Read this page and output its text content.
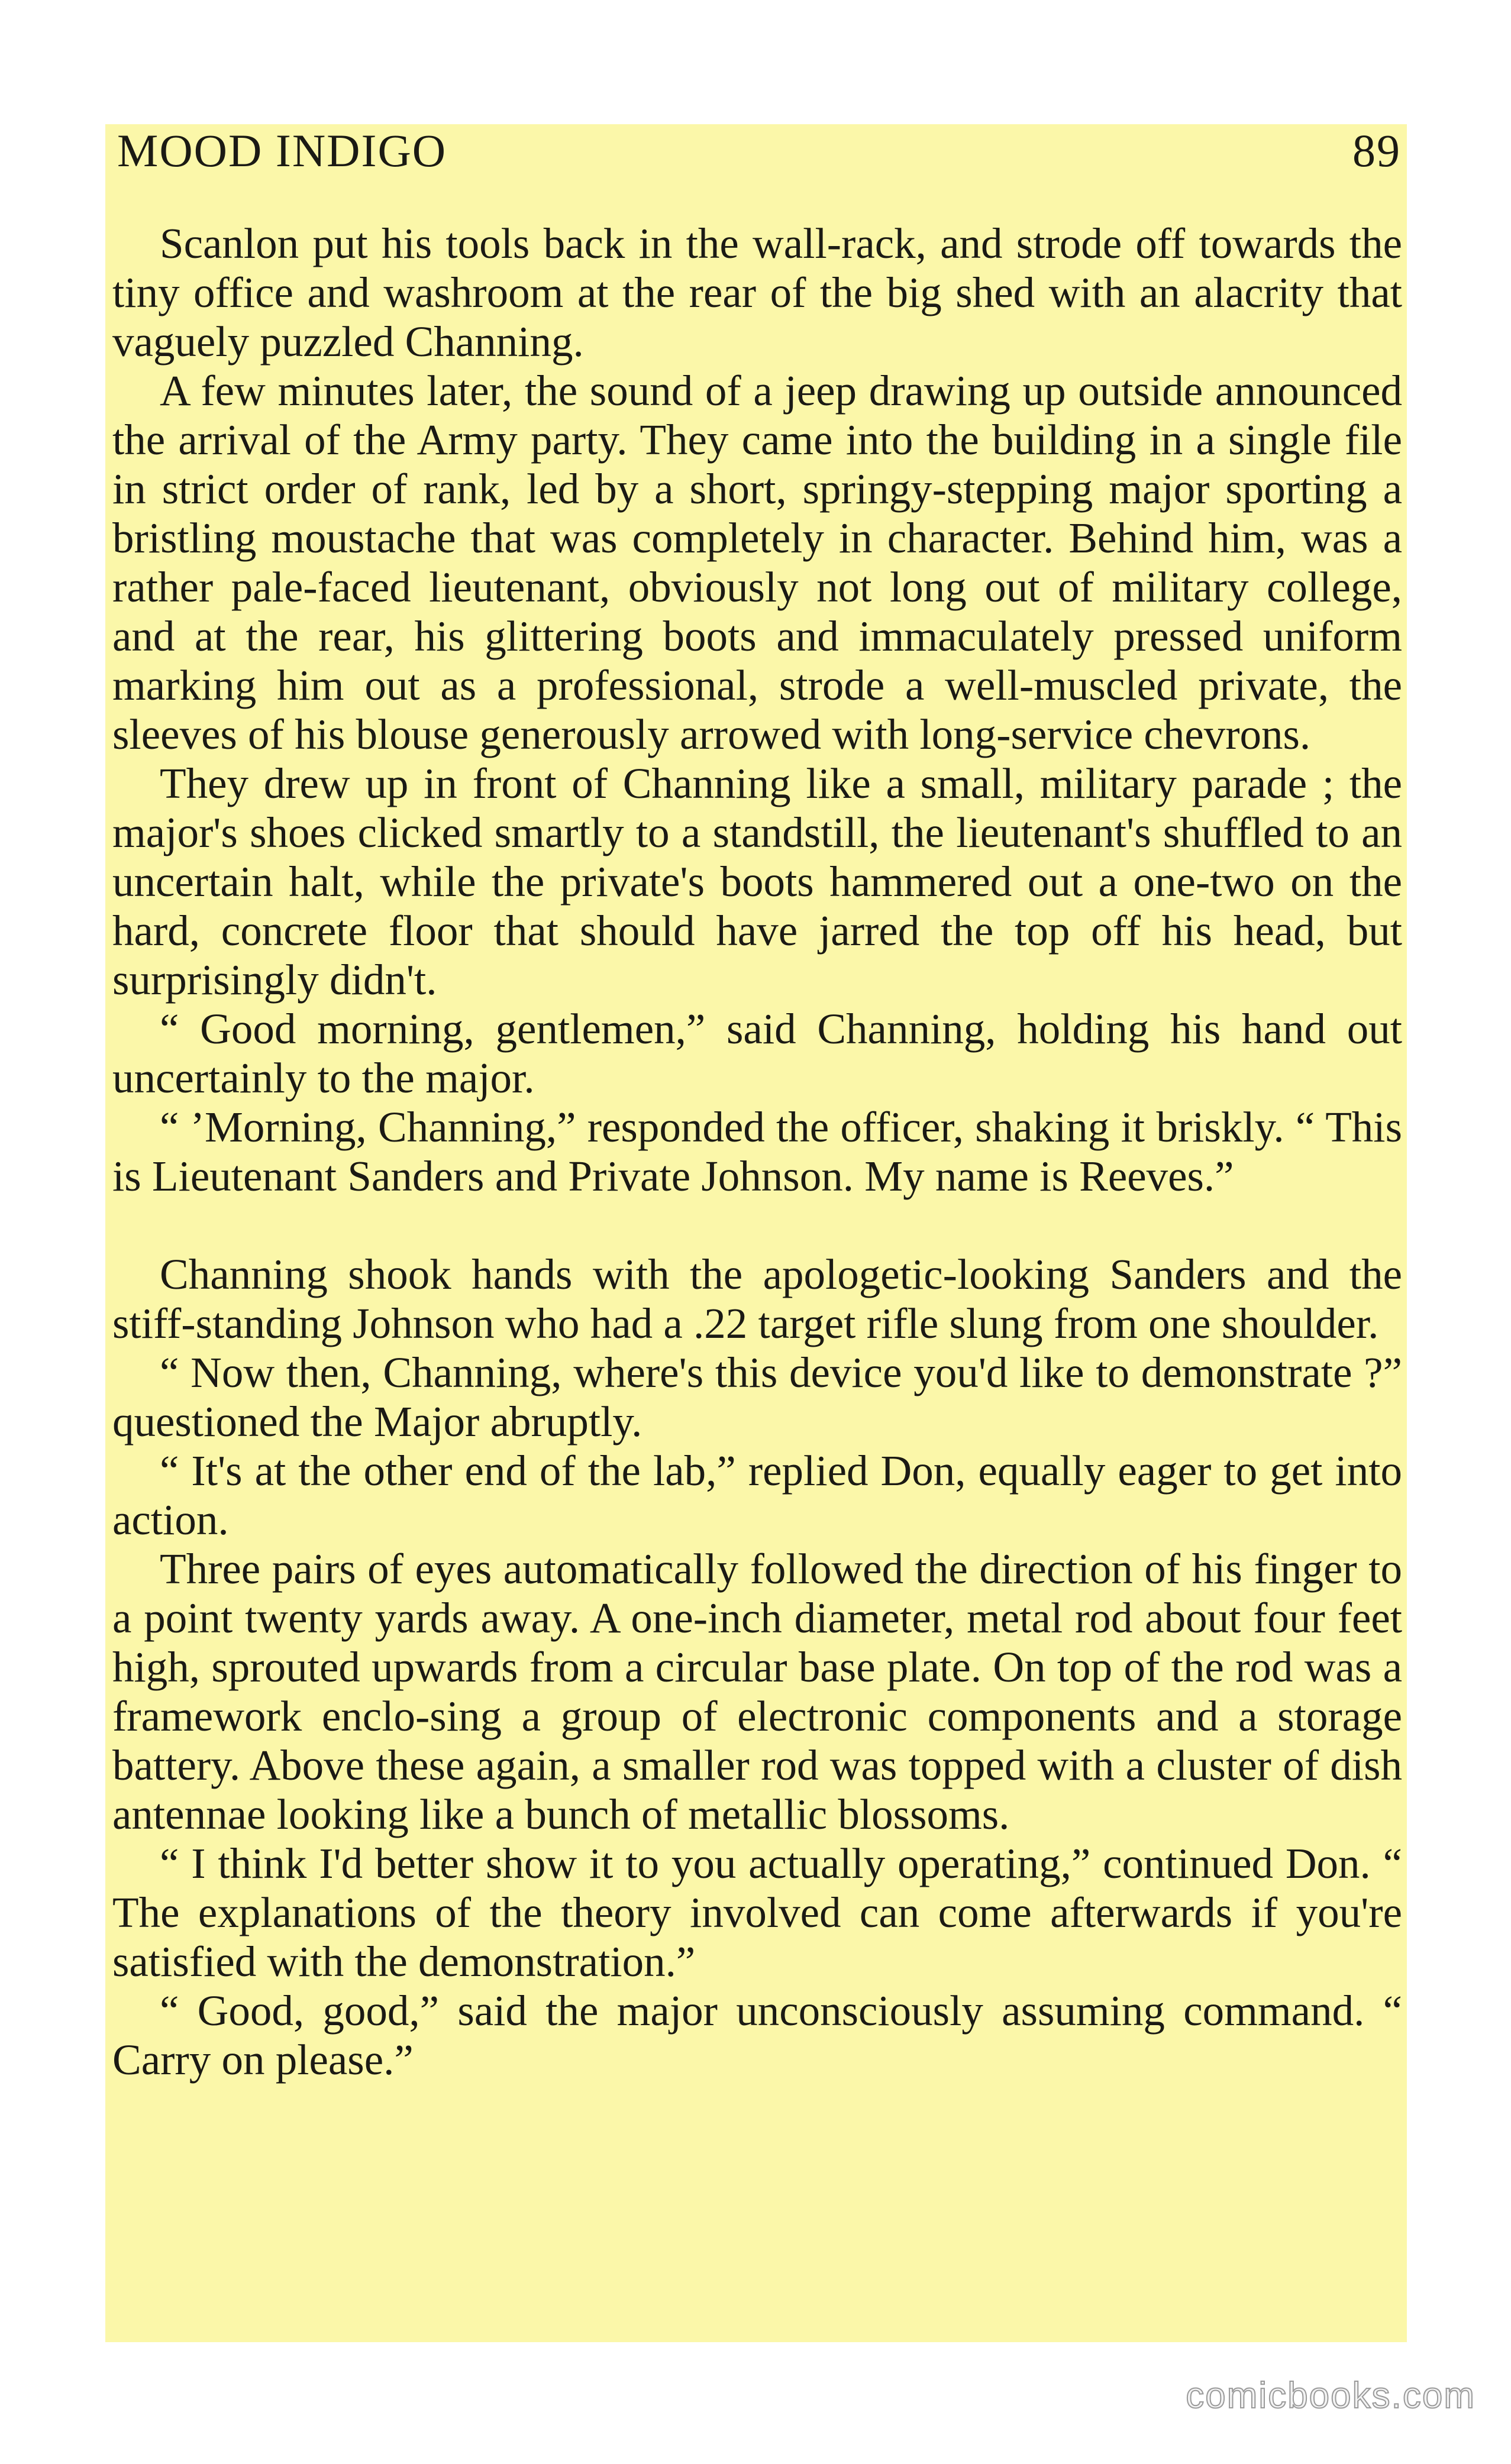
MOOD INDIGO	89

Scanlon put his tools back in the wall-rack, and strode off towards the tiny office and washroom at the rear of the big shed with an alacrity that vaguely puzzled Channing.

A few minutes later, the sound of a jeep drawing up outside announced the arrival of the Army party. They came into the building in a single file in strict order of rank, led by a short, springy-stepping major sporting a bristling moustache that was completely in character. Behind him, was a rather pale-faced lieutenant, obviously not long out of military college, and at the rear, his glittering boots and immaculately pressed uniform marking him out as a professional, strode a well-muscled private, the sleeves of his blouse generously arrowed with long-service chevrons.

They drew up in front of Channing like a small, military parade ; the major's shoes clicked smartly to a standstill, the lieutenant's shuffled to an uncertain halt, while the private's boots hammered out a one-two on the hard, concrete floor that should have jarred the top off his head, but surprisingly didn't.

“ Good morning, gentlemen,” said Channing, holding his hand out uncertainly to the major.

“ ’Morning, Channing,” responded the officer, shaking it briskly. “ This is Lieutenant Sanders and Private Johnson. My name is Reeves.”

Channing shook hands with the apologetic-looking Sanders and the stiff-standing Johnson who had a .22 target rifle slung from one shoulder.

“ Now then, Channing, where's this device you'd like to demonstrate ?” questioned the Major abruptly.

“ It's at the other end of the lab,” replied Don, equally eager to get into action.

Three pairs of eyes automatically followed the direction of his finger to a point twenty yards away. A one-inch diameter, metal rod about four feet high, sprouted upwards from a circular base plate. On top of the rod was a framework enclo-sing a group of electronic components and a storage battery. Above these again, a smaller rod was topped with a cluster of dish antennae looking like a bunch of metallic blossoms.

“ I think I'd better show it to you actually operating,” continued Don. “ The explanations of the theory involved can come afterwards if you're satisfied with the demonstration.”

“ Good, good,” said the major unconsciously assuming command. “ Carry on please.”

comicbooks.com
